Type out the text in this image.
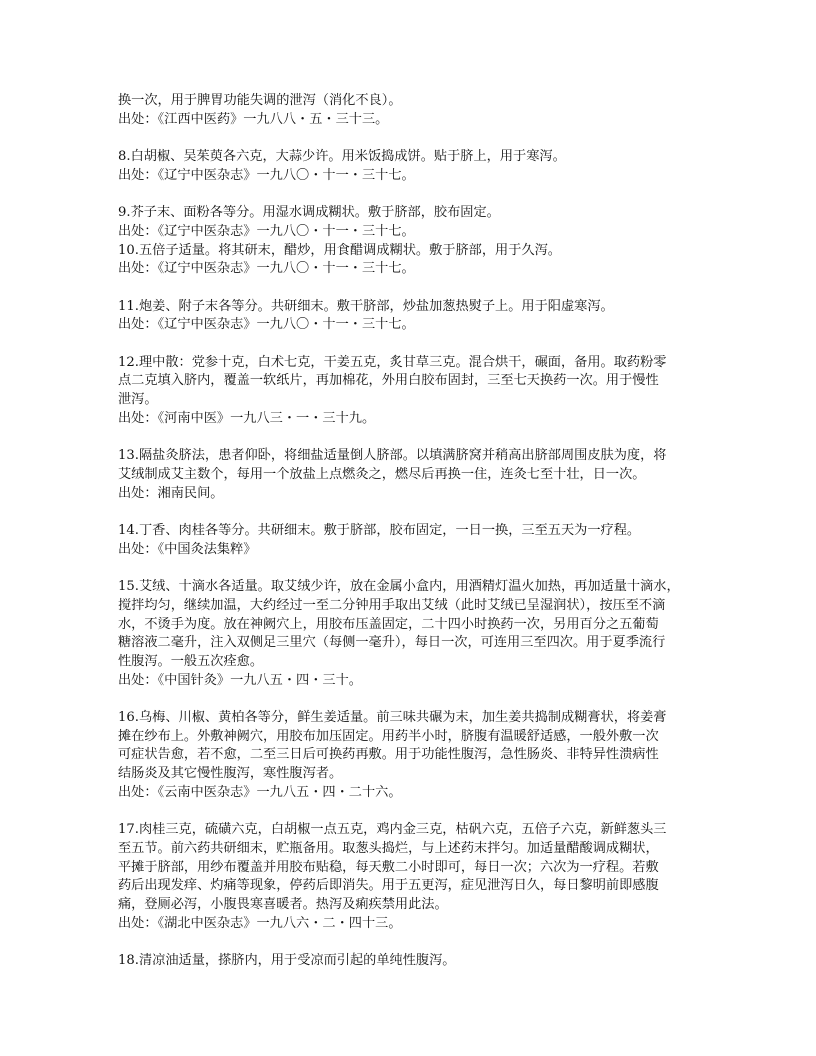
换一次，用于脾胃功能失调的泄泻（消化不良）。
出处：《江西中医药》一九八八・五・三十三。
8.白胡椒、吴茱萸各六克，大蒜少许。用米饭捣成饼。贴于脐上，用于寒泻。
出处：《辽宁中医杂志》一九八〇・十一・三十七。
9.芥子末、面粉各等分。用湿水调成糊状。敷于脐部，胶布固定。
出处：《辽宁中医杂志》一九八〇・十一・三十七。
10.五倍子适量。将其研末，醋炒，用食醋调成糊状。敷于脐部，用于久泻。
出处：《辽宁中医杂志》一九八〇・十一・三十七。
11.炮姜、附子末各等分。共研细末。敷干脐部，炒盐加葱热熨子上。用于阳虚寒泻。
出处：《辽宁中医杂志》一九八〇・十一・三十七。
12.理中散：党参十克，白术七克，干姜五克，炙甘草三克。混合烘干，碾面，备用。取药粉零
点二克填入脐内，覆盖一软纸片，再加棉花，外用白胶布固封，三至七天换药一次。用于慢性
泄泻。
出处：《河南中医》一九八三・一・三十九。
13.隔盐灸脐法，患者仰卧，将细盐适量倒人脐部。以填满脐窝并稍高出脐部周围皮肤为度，将
艾绒制成艾主数个，每用一个放盐上点燃灸之，燃尽后再换一住，连灸七至十壮，日一次。
出处：湘南民间。
14.丁香、肉桂各等分。共研细末。敷于脐部，胶布固定，一日一换，三至五天为一疗程。
出处：《中国灸法集粹》
15.艾绒、十滴水各适量。取艾绒少许，放在金属小盒内，用酒精灯温火加热，再加适量十滴水，
搅拌均匀，继续加温，大约经过一至二分钟用手取出艾绒（此时艾绒已呈湿润状），按压至不滴
水，不烫手为度。放在神阙穴上，用胶布压盖固定，二十四小时换药一次，另用百分之五葡萄
糖溶液二毫升，注入双侧足三里穴（每侧一毫升），每日一次，可连用三至四次。用于夏季流行
性腹泻。一般五次痊愈。
出处：《中国针灸》一九八五・四・三十。
16.乌梅、川椒、黄柏各等分，鲜生姜适量。前三味共碾为末，加生姜共捣制成糊膏状，将姜膏
摊在纱布上。外敷神阙穴，用胶布加压固定。用药半小时，脐腹有温暖舒适感，一般外敷一次
可症状告愈，若不愈，二至三日后可换药再敷。用于功能性腹泻，急性肠炎、非特异性溃病性
结肠炎及其它慢性腹泻，寒性腹泻者。
出处：《云南中医杂志》一九八五・四・二十六。
17.肉桂三克，硫磺六克，白胡椒一点五克，鸡内金三克，枯矾六克，五倍子六克，新鲜葱头三
至五节。前六药共研细末，贮瓶备用。取葱头捣烂，与上述药末拌匀。加适量醋酸调成糊状，
平摊于脐部，用纱布覆盖并用胶布贴稳，每天敷二小时即可，每日一次；六次为一疗程。若敷
药后出现发痒、灼痛等现象，停药后即消失。用于五更泻，症见泄泻日久，每日黎明前即感腹
痛，登厕必泻，小腹畏寒喜暖者。热泻及痢疾禁用此法。
出处：《湖北中医杂志》一九八六・二・四十三。
18.清凉油适量，搽脐内，用于受凉而引起的单纯性腹泻。
